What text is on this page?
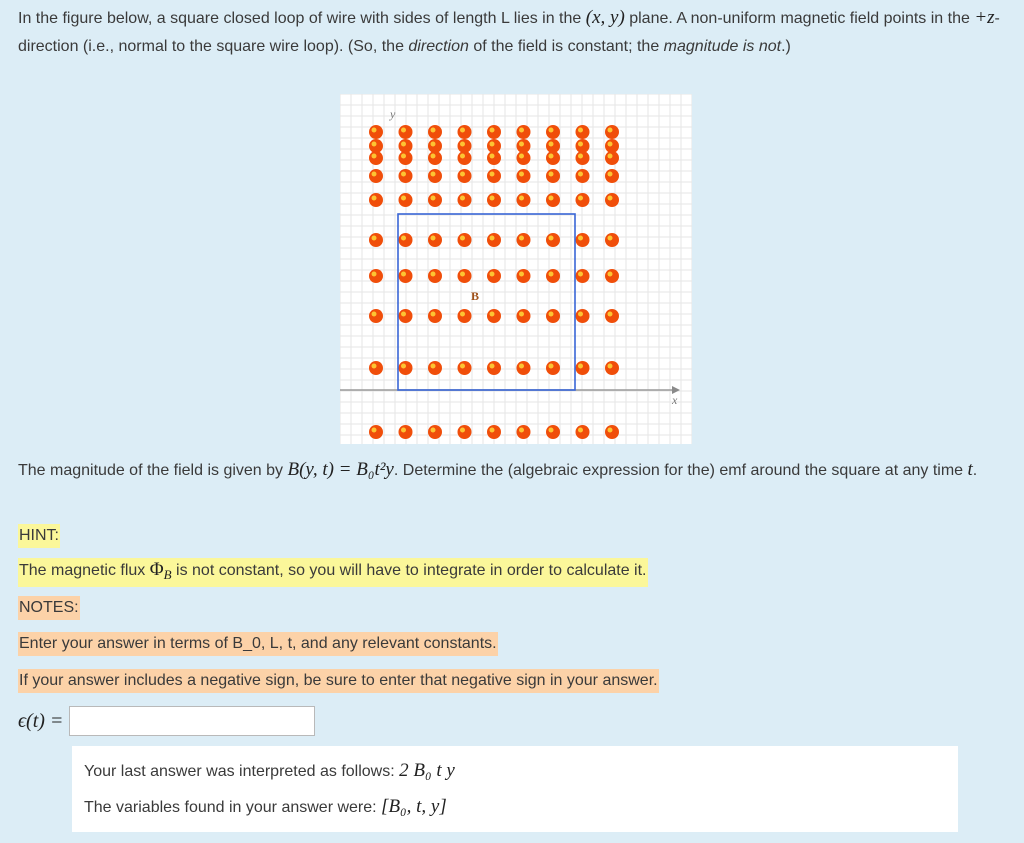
In the figure below, a square closed loop of wire with sides of length L lies in the (x, y) plane. A non-uniform magnetic field points in the +z-direction (i.e., normal to the square wire loop). (So, the direction of the field is constant; the magnitude is not.)
x
y
B
The magnitude of the field is given by B(y, t) = B₀t²y. Determine the (algebraic expression for the) emf around the square at any time t.
HINT:
The magnetic flux $\Phi_B$ is not constant, so you will have to integrate in order to calculate it.
NOTES:
Enter your answer in terms of B_0, L, t, and any relevant constants.
If your answer includes a negative sign, be sure to enter that negative sign in your answer.
ϵ(t) =
Your last answer was interpreted as follows: 2 B₀ t y
The variables found in your answer were: [B₀, t, y]
